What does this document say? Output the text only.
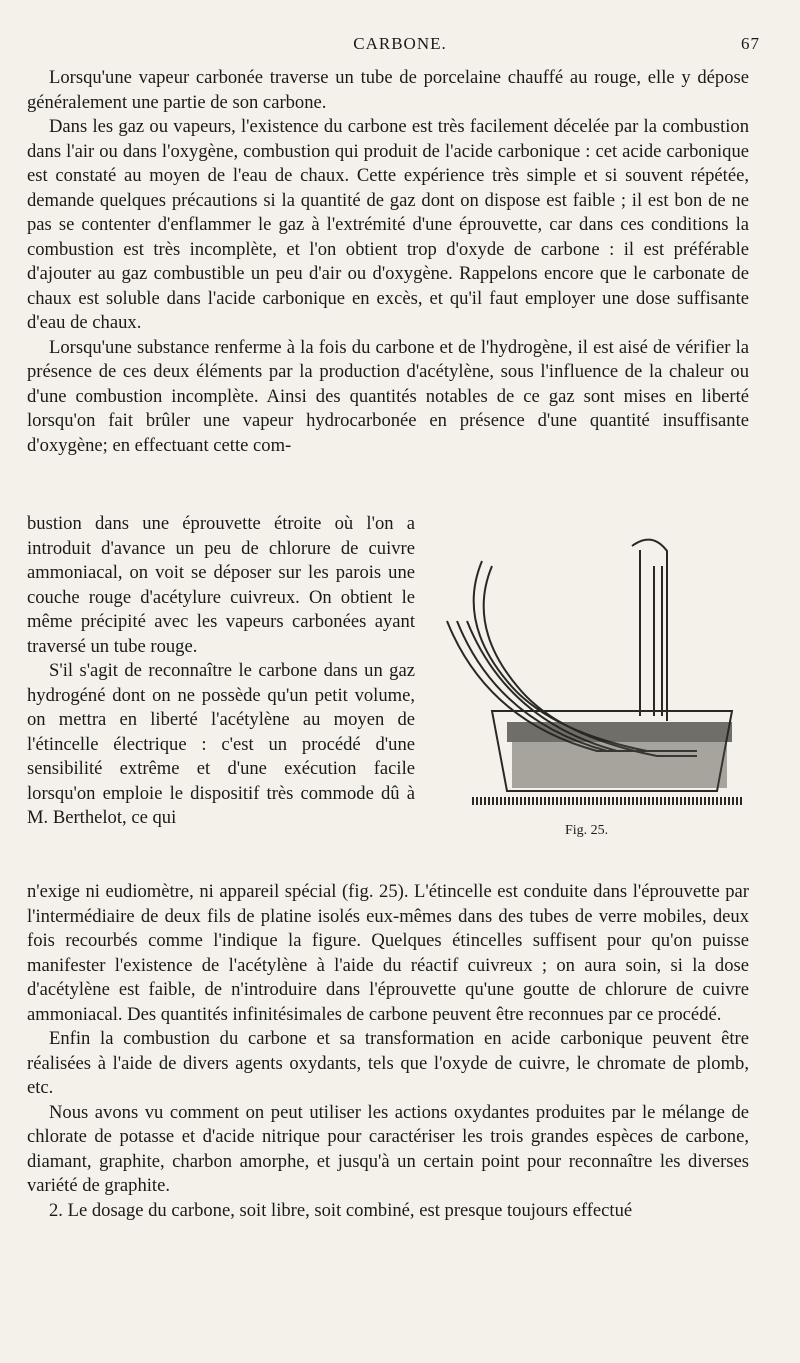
CARBONE.	67

Lorsqu'une vapeur carbonée traverse un tube de porcelaine chauffé au rouge, elle y dépose généralement une partie de son carbone.

Dans les gaz ou vapeurs, l'existence du carbone est très facilement décelée par la combustion dans l'air ou dans l'oxygène, combustion qui produit de l'acide carbonique : cet acide carbonique est constaté au moyen de l'eau de chaux. Cette expérience très simple et si souvent répétée, demande quelques précautions si la quantité de gaz dont on dispose est faible ; il est bon de ne pas se contenter d'enflammer le gaz à l'extrémité d'une éprouvette, car dans ces conditions la combustion est très incomplète, et l'on obtient trop d'oxyde de carbone : il est préférable d'ajouter au gaz combustible un peu d'air ou d'oxygène. Rappelons encore que le carbonate de chaux est soluble dans l'acide carbonique en excès, et qu'il faut employer une dose suffisante d'eau de chaux.

Lorsqu'une substance renferme à la fois du carbone et de l'hydrogène, il est aisé de vérifier la présence de ces deux éléments par la production d'acétylène, sous l'influence de la chaleur ou d'une combustion incomplète. Ainsi des quantités notables de ce gaz sont mises en liberté lorsqu'on fait brûler une vapeur hydrocarbonée en présence d'une quantité insuffisante d'oxygène; en effectuant cette com-

bustion dans une éprouvette étroite où l'on a introduit d'avance un peu de chlorure de cuivre ammoniacal, on voit se déposer sur les parois une couche rouge d'acétylure cuivreux. On obtient le même précipité avec les vapeurs carbonées ayant traversé un tube rouge.

S'il s'agit de reconnaître le carbone dans un gaz hydrogéné dont on ne possède qu'un petit volume, on mettra en liberté l'acétylène au moyen de l'étincelle électrique : c'est un procédé d'une sensibilité extrême et d'une exécution facile lorsqu'on emploie le dispositif très commode dû à M. Berthelot, ce qui

Fig. 25.

n'exige ni eudiomètre, ni appareil spécial (fig. 25). L'étincelle est conduite dans l'éprouvette par l'intermédiaire de deux fils de platine isolés eux-mêmes dans des tubes de verre mobiles, deux fois recourbés comme l'indique la figure. Quelques étincelles suffisent pour qu'on puisse manifester l'existence de l'acétylène à l'aide du réactif cuivreux ; on aura soin, si la dose d'acétylène est faible, de n'introduire dans l'éprouvette qu'une goutte de chlorure de cuivre ammoniacal. Des quantités infinitésimales de carbone peuvent être reconnues par ce procédé.

Enfin la combustion du carbone et sa transformation en acide carbonique peuvent être réalisées à l'aide de divers agents oxydants, tels que l'oxyde de cuivre, le chromate de plomb, etc.

Nous avons vu comment on peut utiliser les actions oxydantes produites par le mélange de chlorate de potasse et d'acide nitrique pour caractériser les trois grandes espèces de carbone, diamant, graphite, charbon amorphe, et jusqu'à un certain point pour reconnaître les diverses variété de graphite.

2. Le dosage du carbone, soit libre, soit combiné, est presque toujours effectué
